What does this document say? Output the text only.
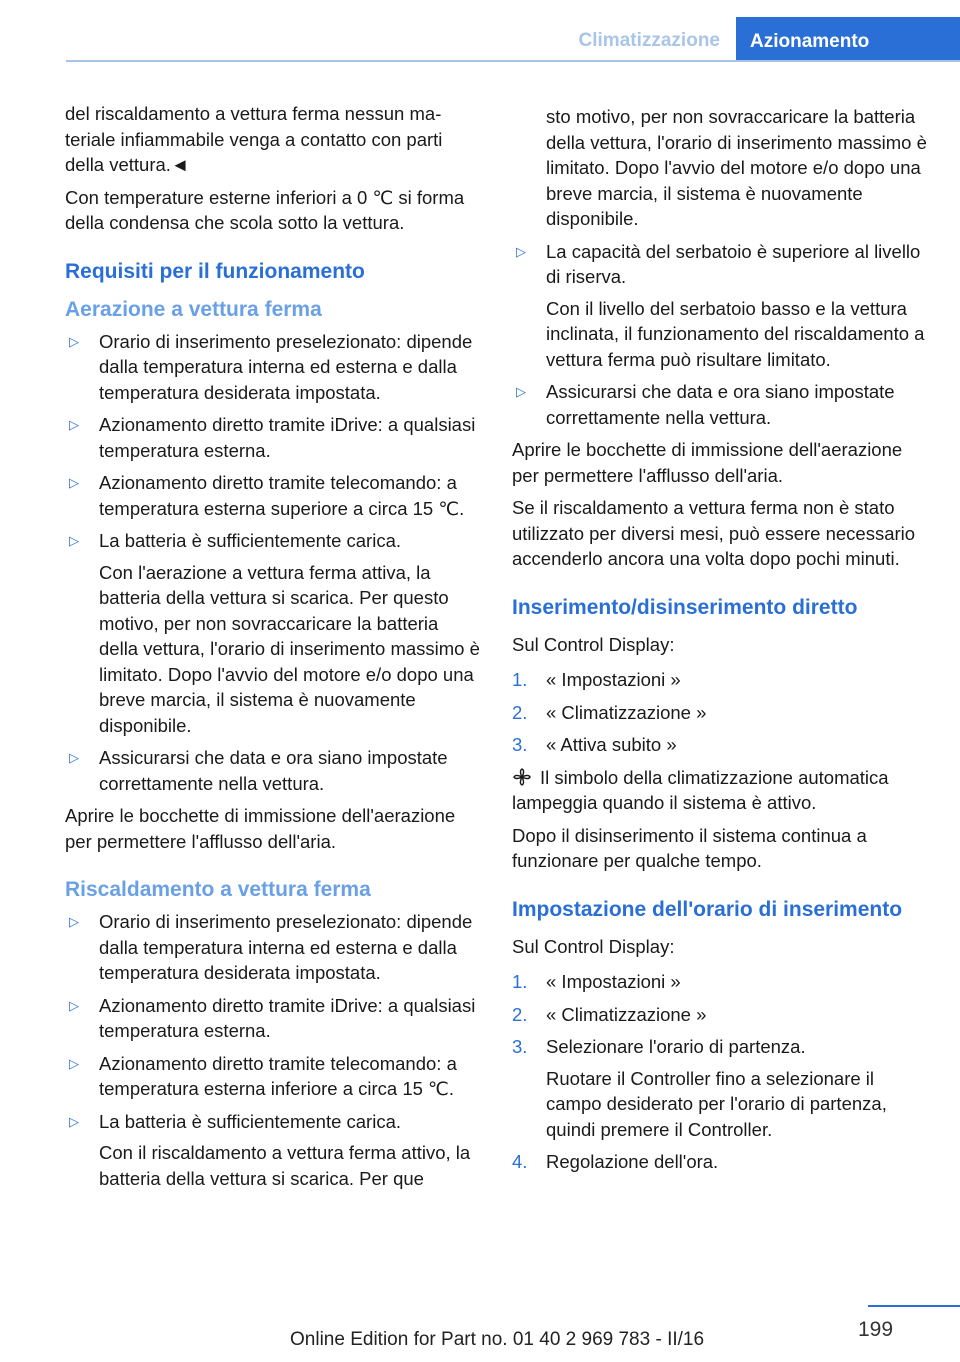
Climatizzazione	Azionamento

del riscaldamento a vettura ferma nessun materiale infiammabile venga a contatto con parti della vettura.◄

Con temperature esterne inferiori a 0 ℃ si forma della condensa che scola sotto la vettura.

Requisiti per il funzionamento
Aerazione a vettura ferma
▷ Orario di inserimento preselezionato: dipende dalla temperatura interna ed esterna e dalla temperatura desiderata impostata.
▷ Azionamento diretto tramite iDrive: a qualsiasi temperatura esterna.
▷ Azionamento diretto tramite telecomando: a temperatura esterna superiore a circa 15 ℃.
▷ La batteria è sufficientemente carica.

Con l'aerazione a vettura ferma attiva, la batteria della vettura si scarica. Per questo motivo, per non sovraccaricare la batteria della vettura, l'orario di inserimento massimo è limitato. Dopo l'avvio del motore e/o dopo una breve marcia, il sistema è nuovamente disponibile.

▷ Assicurarsi che data e ora siano impostate correttamente nella vettura.

Aprire le bocchette di immissione dell'aerazione per permettere l'afflusso dell'aria.

Riscaldamento a vettura ferma
▷ Orario di inserimento preselezionato: dipende dalla temperatura interna ed esterna e dalla temperatura desiderata impostata.
▷ Azionamento diretto tramite iDrive: a qualsiasi temperatura esterna.
▷ Azionamento diretto tramite telecomando: a temperatura esterna inferiore a circa 15 ℃.
▷ La batteria è sufficientemente carica.

Con il riscaldamento a vettura ferma attivo, la batteria della vettura si scarica. Per que

sto motivo, per non sovraccaricare la batteria della vettura, l'orario di inserimento massimo è limitato. Dopo l'avvio del motore e/o dopo una breve marcia, il sistema è nuovamente disponibile.

▷ La capacità del serbatoio è superiore al livello di riserva.

Con il livello del serbatoio basso e la vettura inclinata, il funzionamento del riscaldamento a vettura ferma può risultare limitato.

▷ Assicurarsi che data e ora siano impostate correttamente nella vettura.

Aprire le bocchette di immissione dell'aerazione per permettere l'afflusso dell'aria.

Se il riscaldamento a vettura ferma non è stato utilizzato per diversi mesi, può essere necessario accenderlo ancora una volta dopo pochi minuti.

Inserimento/disinserimento diretto

Sul Control Display:

1. « Impostazioni »
2. « Climatizzazione »
3. « Attiva subito »

Il simbolo della climatizzazione automatica lampeggia quando il sistema è attivo.

Dopo il disinserimento il sistema continua a funzionare per qualche tempo.

Impostazione dell'orario di inserimento

Sul Control Display:

1. « Impostazioni »
2. « Climatizzazione »
3. Selezionare l'orario di partenza.

Ruotare il Controller fino a selezionare il campo desiderato per l'orario di partenza, quindi premere il Controller.

4. Regolazione dell'ora.
199
Online Edition for Part no. 01 40 2 969 783 - II/16
